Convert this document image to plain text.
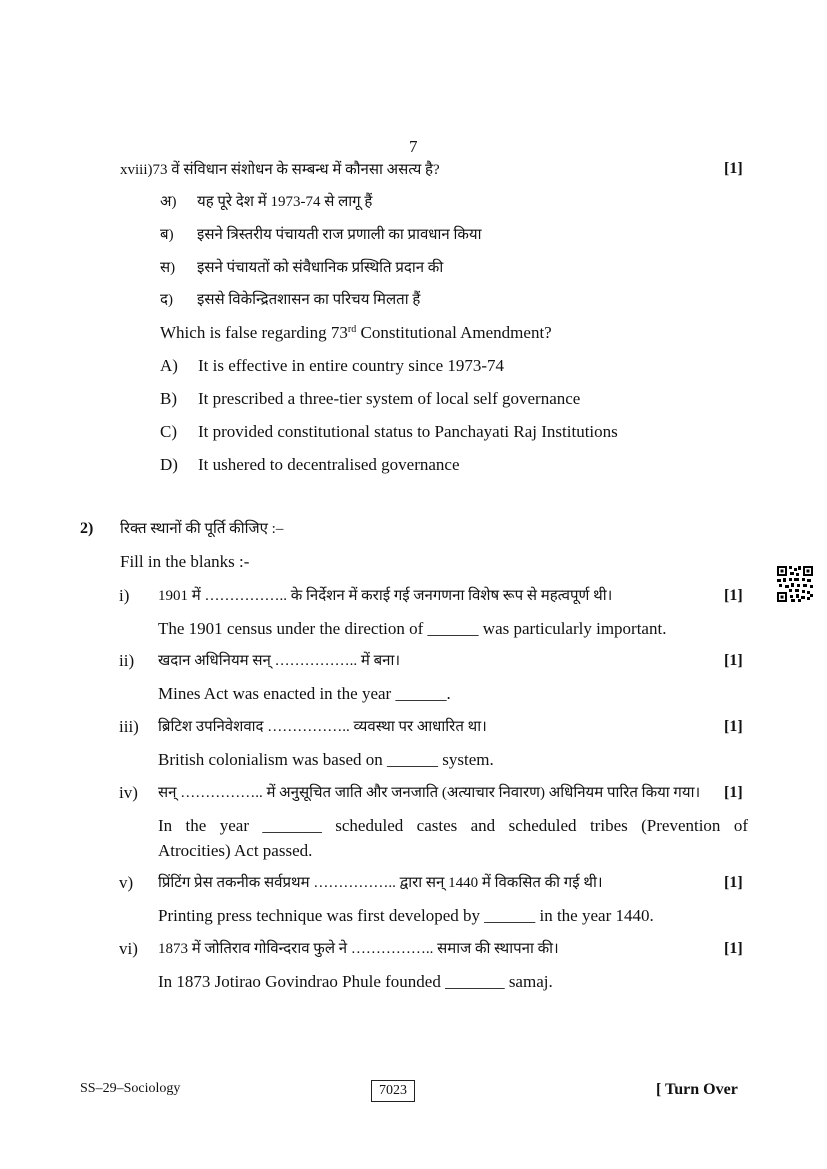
7
xviii)73 वें संविधान संशोधन के सम्बन्ध में कौनसा असत्य है?	[1]
अ) यह पूरे देश में 1973-74 से लागू हैं
ब) इसने त्रिस्तरीय पंचायती राज प्रणाली का प्रावधान किया
स) इसने पंचायतों को संवैधानिक प्रस्थिति प्रदान की
द) इससे विकेन्द्रितशासन का परिचय मिलता हैं
Which is false regarding 73rd Constitutional Amendment?
A) It is effective in entire country since 1973-74
B) It prescribed a three-tier system of local self governance
C) It provided constitutional status to Panchayati Raj Institutions
D) It ushered to decentralised governance
2) रिक्त स्थानों की पूर्ति कीजिए :–
Fill in the blanks :-
i) 1901 में …………….. के निर्देशन में कराई गई जनगणना विशेष रूप से महत्वपूर्ण थी।	[1]
The 1901 census under the direction of ______ was particularly important.
ii) खदान अधिनियम सन् …………….. में बना।	[1]
Mines Act was enacted in the year ______.
iii) ब्रिटिश उपनिवेशवाद …………….. व्यवस्था पर आधारित था।	[1]
British colonialism was based on ______ system.
iv) सन् …………….. में अनुसूचित जाति और जनजाति (अत्याचार निवारण) अधिनियम पारित किया गया। [1]
In the year _______ scheduled castes and scheduled tribes (Prevention of
Atrocities) Act passed.
v) प्रिंटिंग प्रेस तकनीक सर्वप्रथम …………….. द्वारा सन् 1440 में विकसित की गई थी।	[1]
Printing press technique was first developed by ______ in the year 1440.
vi) 1873 में जोतिराव गोविन्दराव फुले ने …………….. समाज की स्थापना की।	[1]
In 1873 Jotirao Govindrao Phule founded _______ samaj.
SS–29–Sociology	7023	[ Turn Over
